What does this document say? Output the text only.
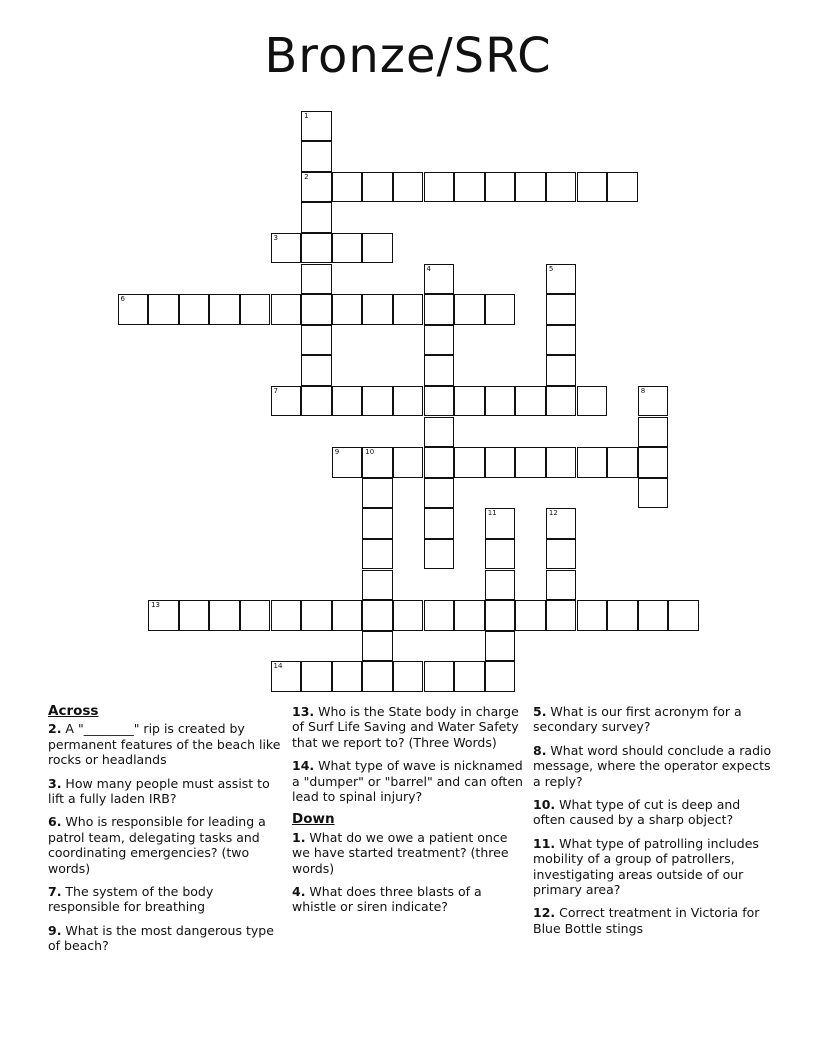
Bronze/SRC
1
2
3
4	5
6
7	8
9	10
11	12
13
14
Across
2. A "________" rip is created by permanent features of the beach like rocks or headlands
3. How many people must assist to lift a fully laden IRB?
6. Who is responsible for leading a patrol team, delegating tasks and coordinating emergencies? (two words)
7. The system of the body responsible for breathing
9. What is the most dangerous type of beach?
13. Who is the State body in charge of Surf Life Saving and Water Safety that we report to? (Three Words)
14. What type of wave is nicknamed a "dumper" or "barrel" and can often lead to spinal injury?
Down
1. What do we owe a patient once we have started treatment? (three words)
4. What does three blasts of a whistle or siren indicate?
5. What is our first acronym for a secondary survey?
8. What word should conclude a radio message, where the operator expects a reply?
10. What type of cut is deep and often caused by a sharp object?
11. What type of patrolling includes mobility of a group of patrollers, investigating areas outside of our primary area?
12. Correct treatment in Victoria for Blue Bottle stings
